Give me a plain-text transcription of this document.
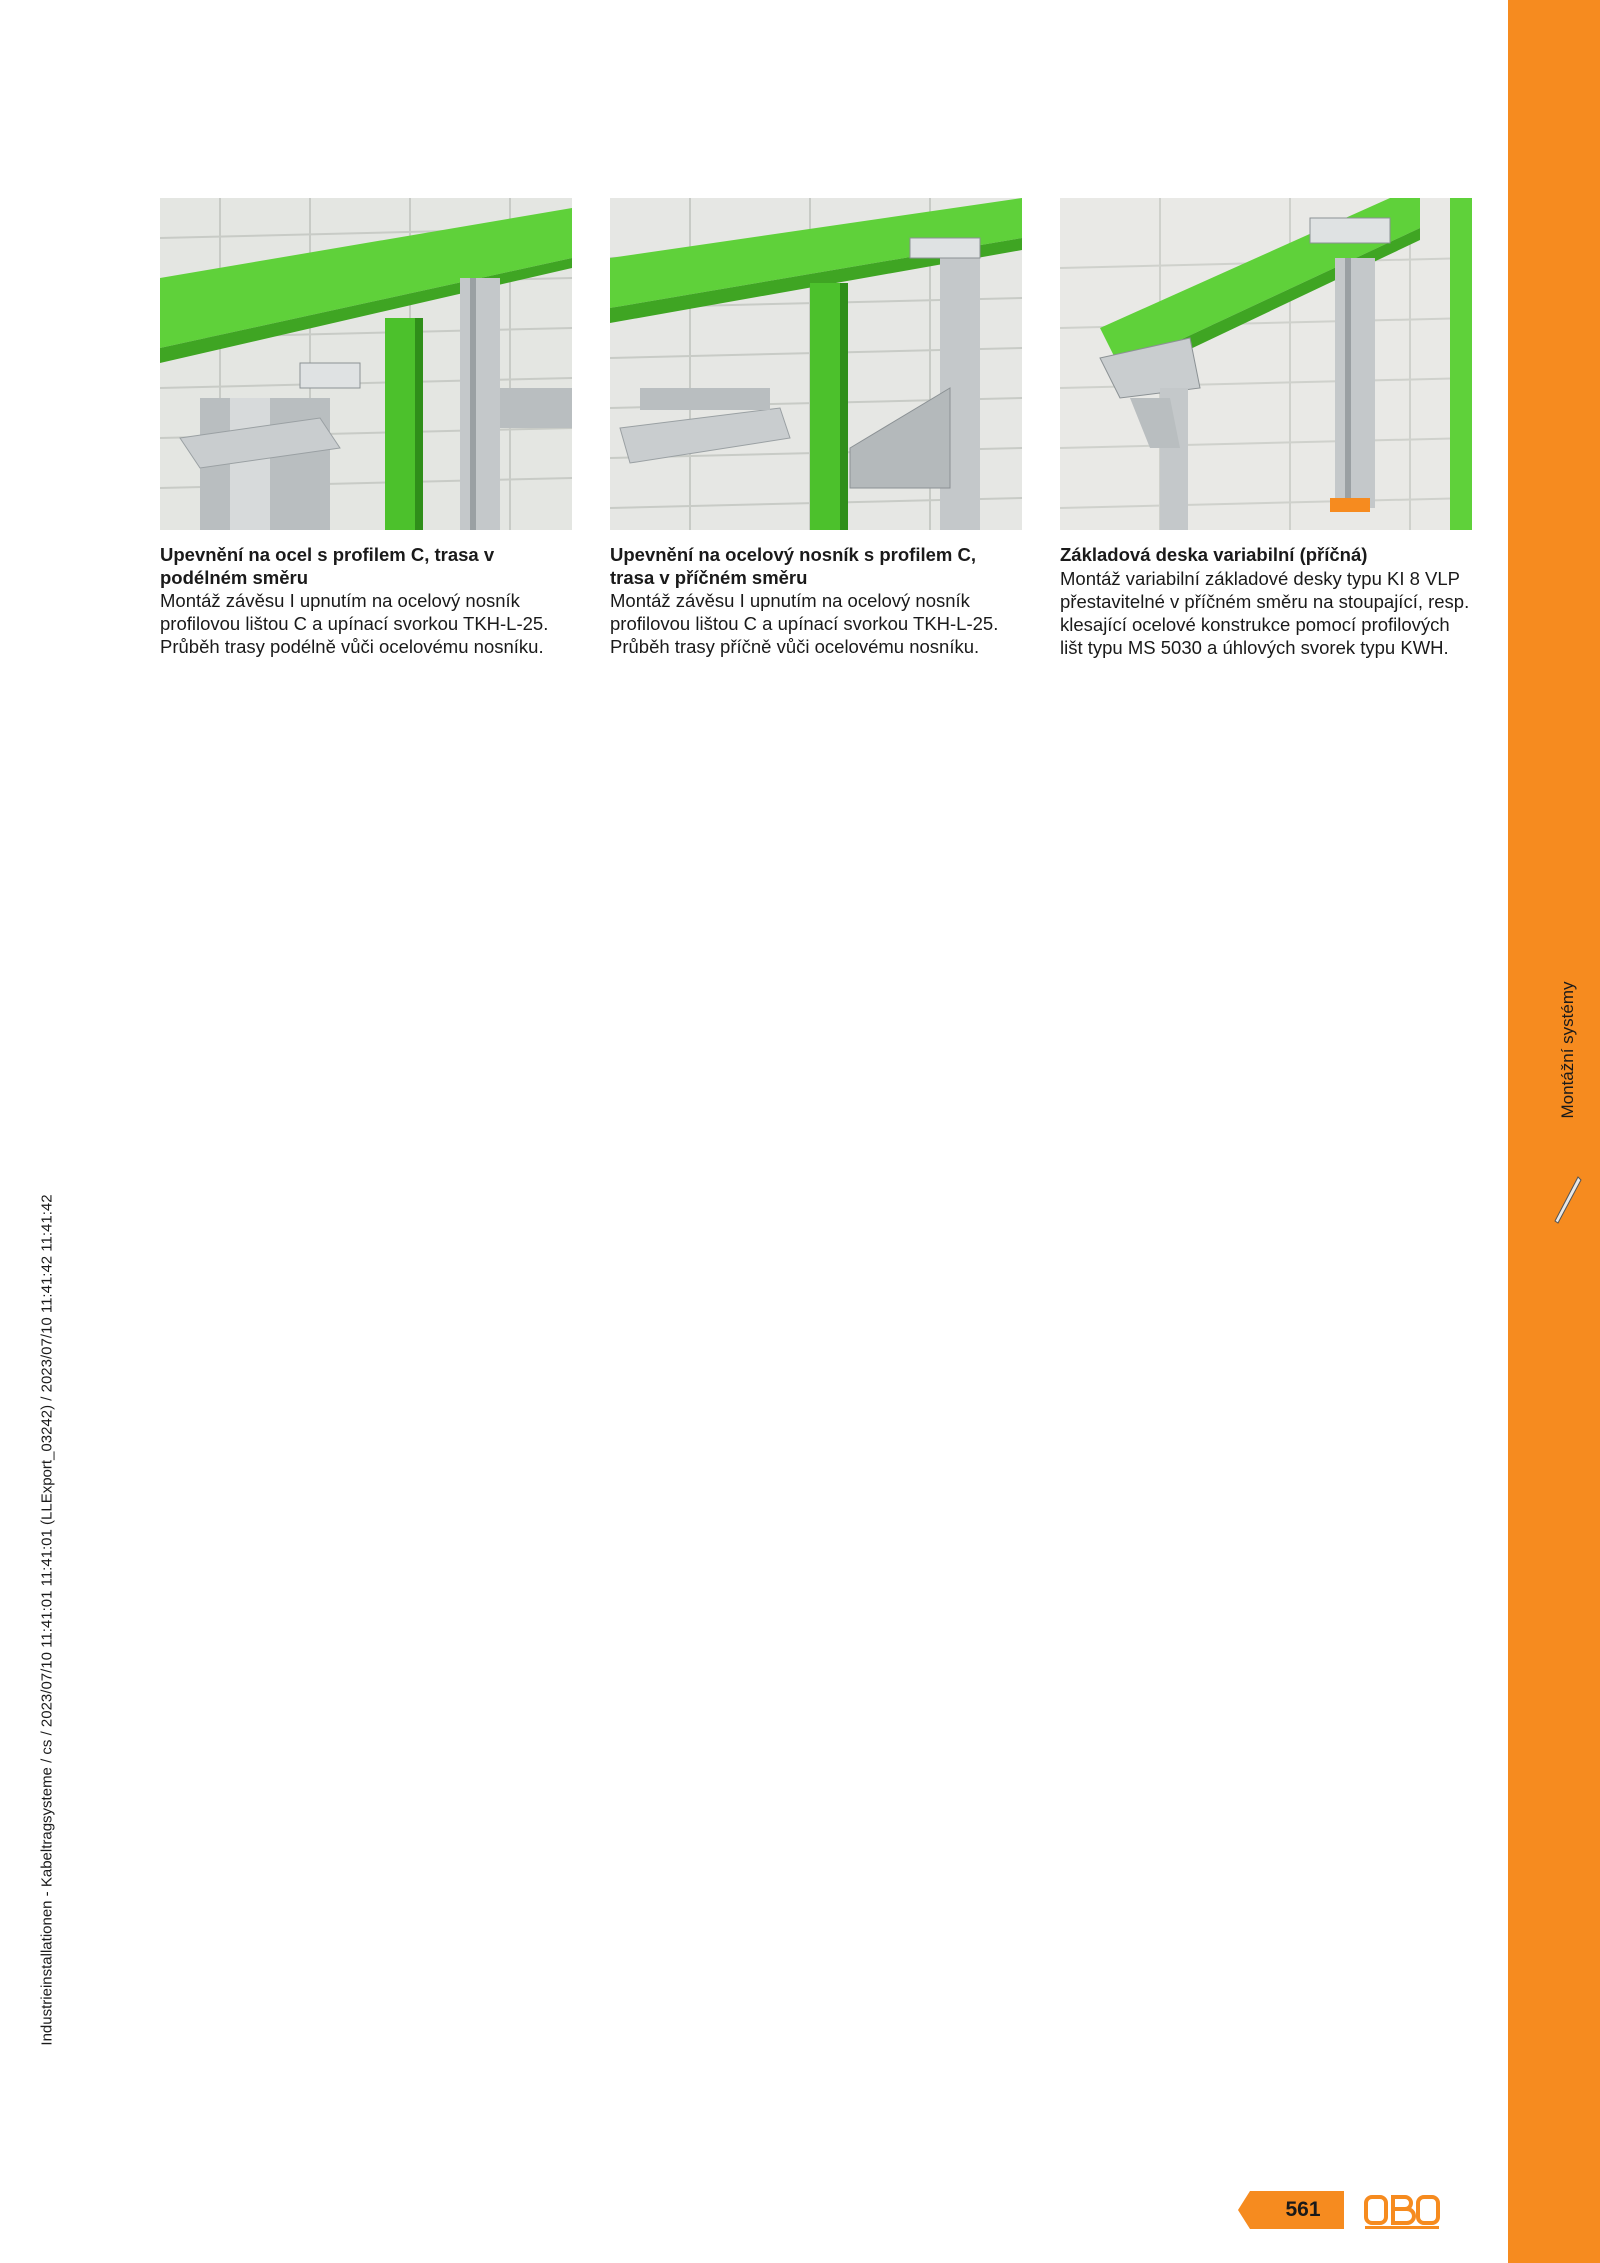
Montážní systémy
Industrieinstallationen - Kabeltragsysteme / cs / 2023/07/10 11:41:01 11:41:01 (LLExport_03242) / 2023/07/10 11:41:42 11:41:42
Upevnění na ocel s profilem C, trasa v podélném směru
Montáž závěsu I upnutím na ocelový nosník profilovou lištou C a upínací svorkou TKH-L-25. Průběh trasy podélně vůči ocelovému nosníku.
Upevnění na ocelový nosník s profilem C, trasa v příčném směru
Montáž závěsu I upnutím na ocelový nosník profilovou lištou C a upínací svorkou TKH-L-25. Průběh trasy příčně vůči ocelovému nosníku.
Základová deska variabilní (příčná)
Montáž variabilní základové desky typu KI 8 VLP přestavitelné v příčném směru na stoupající, resp. klesající ocelové konstrukce pomocí profilových lišt typu MS 5030 a úhlových svorek typu KWH.
561
